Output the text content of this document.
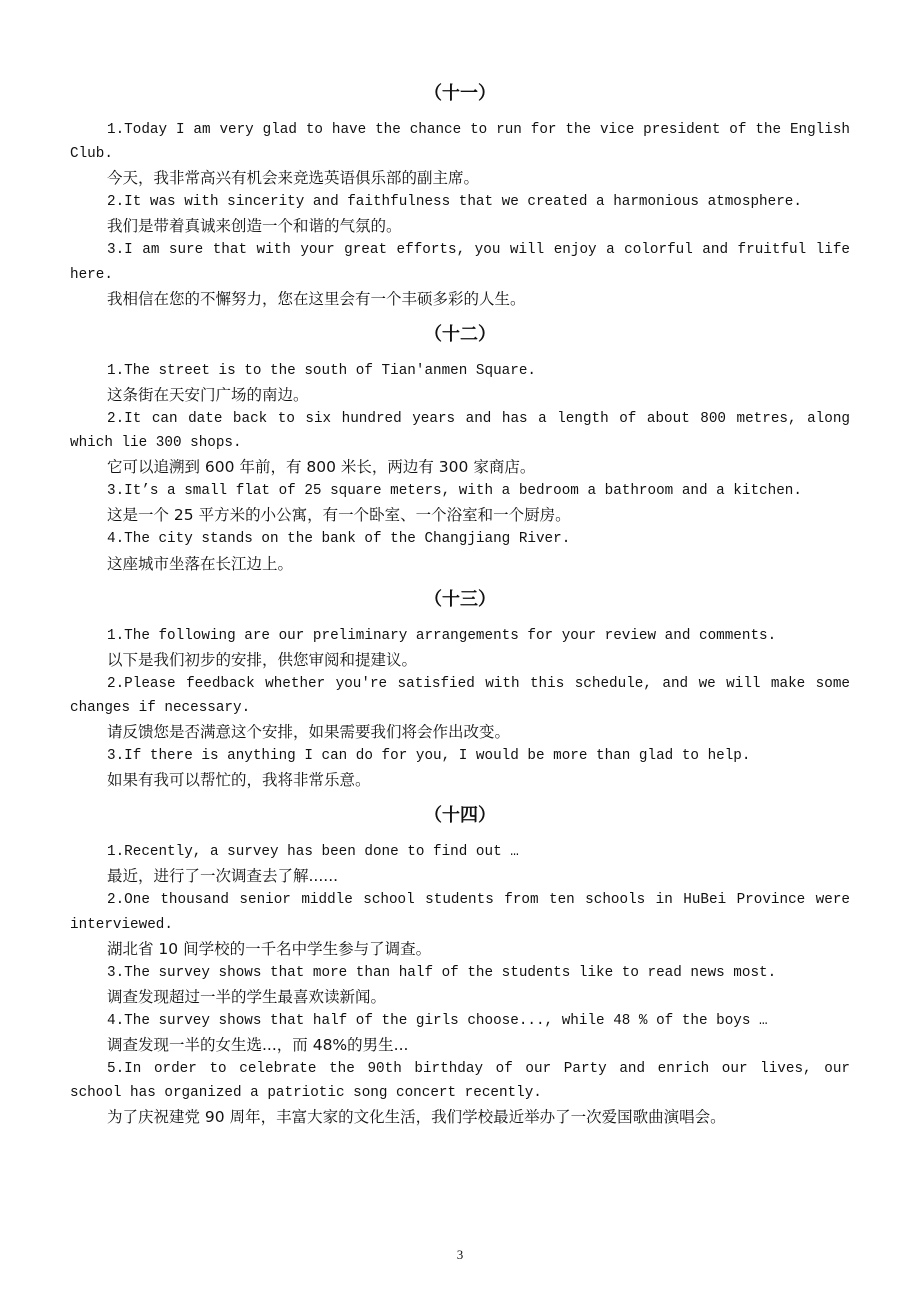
（十一）

1.Today I am very glad to have the chance to run for the vice president of the English Club.

今天，我非常高兴有机会来竞选英语俱乐部的副主席。

2.It was with sincerity and faithfulness that we created a harmonious atmosphere.

我们是带着真诚来创造一个和谐的气氛的。

3.I am sure that with your great efforts, you will enjoy a colorful and fruitful life here.

我相信在您的不懈努力，您在这里会有一个丰硕多彩的人生。

（十二）

1.The street is to the south of Tian'anmen Square.

这条街在天安门广场的南边。

2.It can date back to six hundred years and has a length of about 800 metres, along which lie 300 shops.

它可以追溯到 600 年前，有 800 米长，两边有 300 家商店。

3.It’s a small flat of 25 square meters, with a bedroom a bathroom and a kitchen.

这是一个 25 平方米的小公寓，有一个卧室、一个浴室和一个厨房。

4.The city stands on the bank of the Changjiang River.

这座城市坐落在长江边上。

（十三）

1.The following are our preliminary arrangements for your review and comments.

以下是我们初步的安排，供您审阅和提建议。

2.Please feedback whether you're satisfied with this schedule, and we will make some changes if necessary.

请反馈您是否满意这个安排，如果需要我们将会作出改变。

3.If there is anything I can do for you, I would be more than glad to help.

如果有我可以帮忙的，我将非常乐意。

（十四）

1.Recently, a survey has been done to find out …

最近，进行了一次调查去了解......

2.One thousand senior middle school students from ten schools in HuBei Province were interviewed.

湖北省 10 间学校的一千名中学生参与了调查。

3.The survey shows that more than half of the students like to read news most.

调查发现超过一半的学生最喜欢读新闻。

4.The survey shows that half of the girls choose..., while 48 % of the boys …

调查发现一半的女生选...，而 48%的男生...

5.In order to celebrate the 90th birthday of our Party and enrich our lives, our school has organized a patriotic song concert recently.

为了庆祝建党 90 周年，丰富大家的文化生活，我们学校最近举办了一次爱国歌曲演唱会。

3
